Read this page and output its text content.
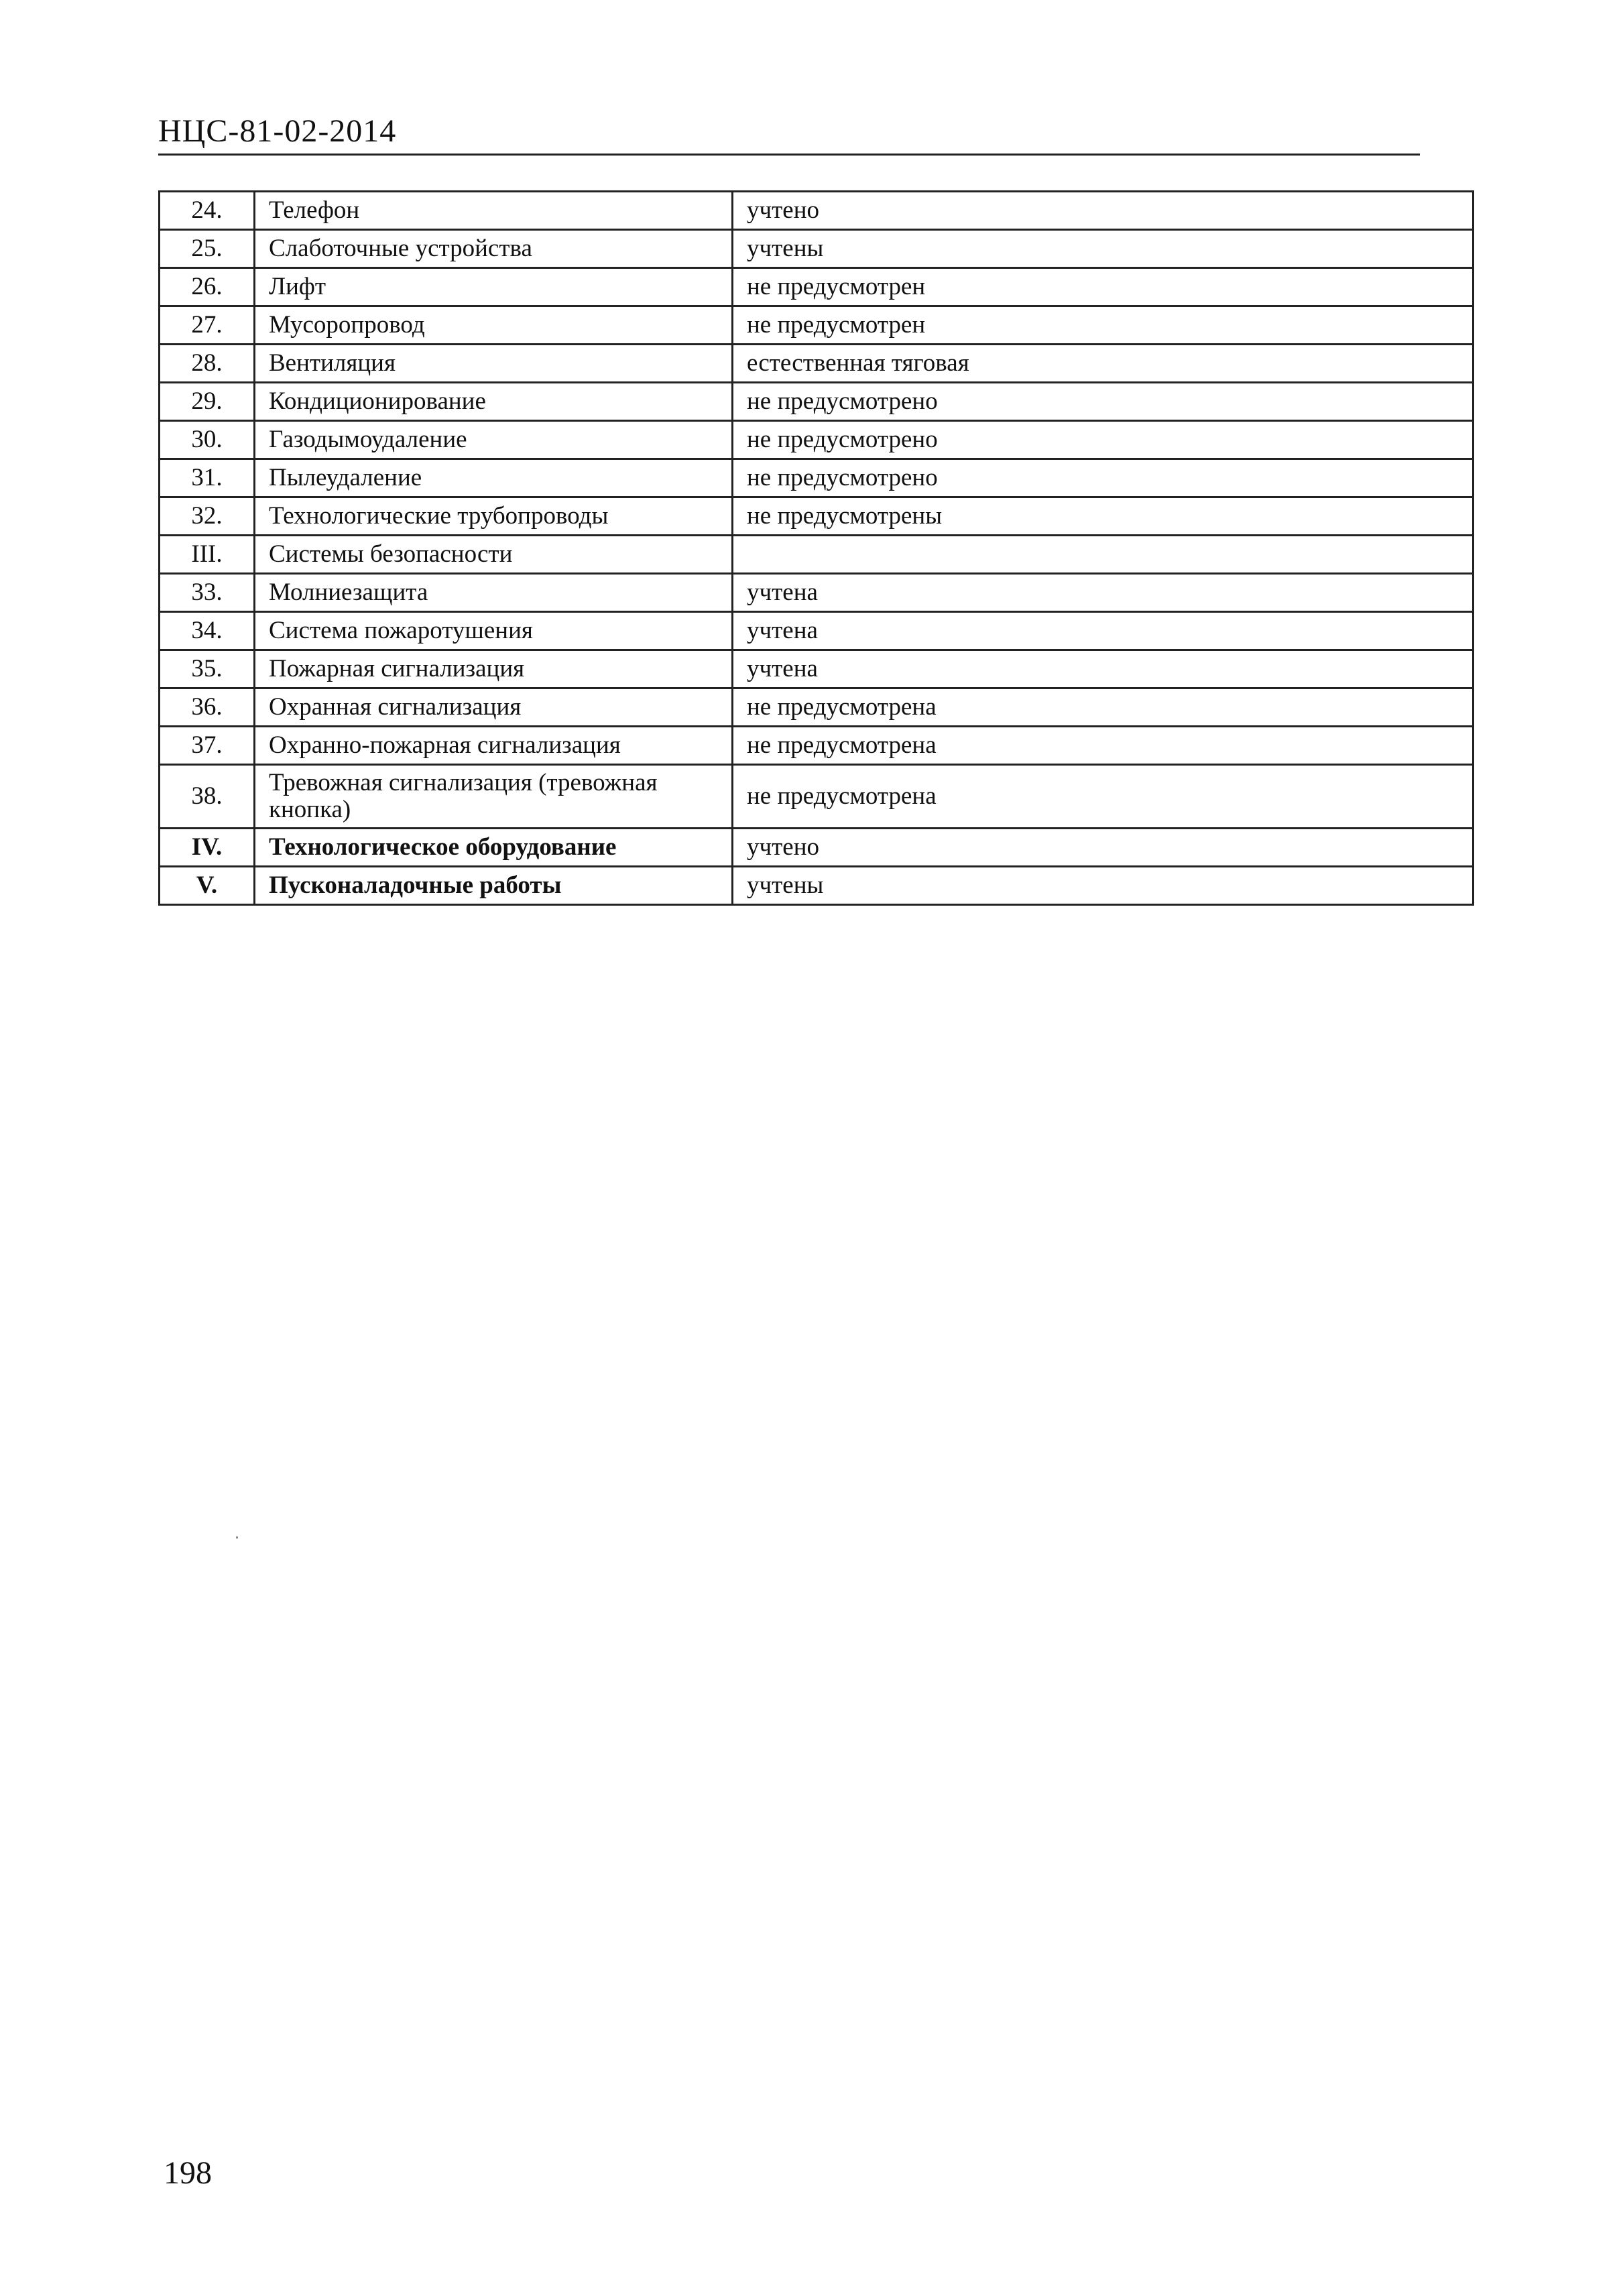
НЦС-81-02-2014
24.	Телефон	учтено
25.	Слаботочные устройства	учтены
26.	Лифт	не предусмотрен
27.	Мусоропровод	не предусмотрен
28.	Вентиляция	естественная тяговая
29.	Кондиционирование	не предусмотрено
30.	Газодымоудаление	не предусмотрено
31.	Пылеудаление	не предусмотрено
32.	Технологические трубопроводы	не предусмотрены
III.	Системы безопасности	
33.	Молниезащита	учтена
34.	Система пожаротушения	учтена
35.	Пожарная сигнализация	учтена
36.	Охранная сигнализация	не предусмотрена
37.	Охранно-пожарная сигнализация	не предусмотрена
38.	Тревожная сигнализация (тревожная кнопка)	не предусмотрена
IV.	Технологическое оборудование	учтено
V.	Пусконаладочные работы	учтены
198
